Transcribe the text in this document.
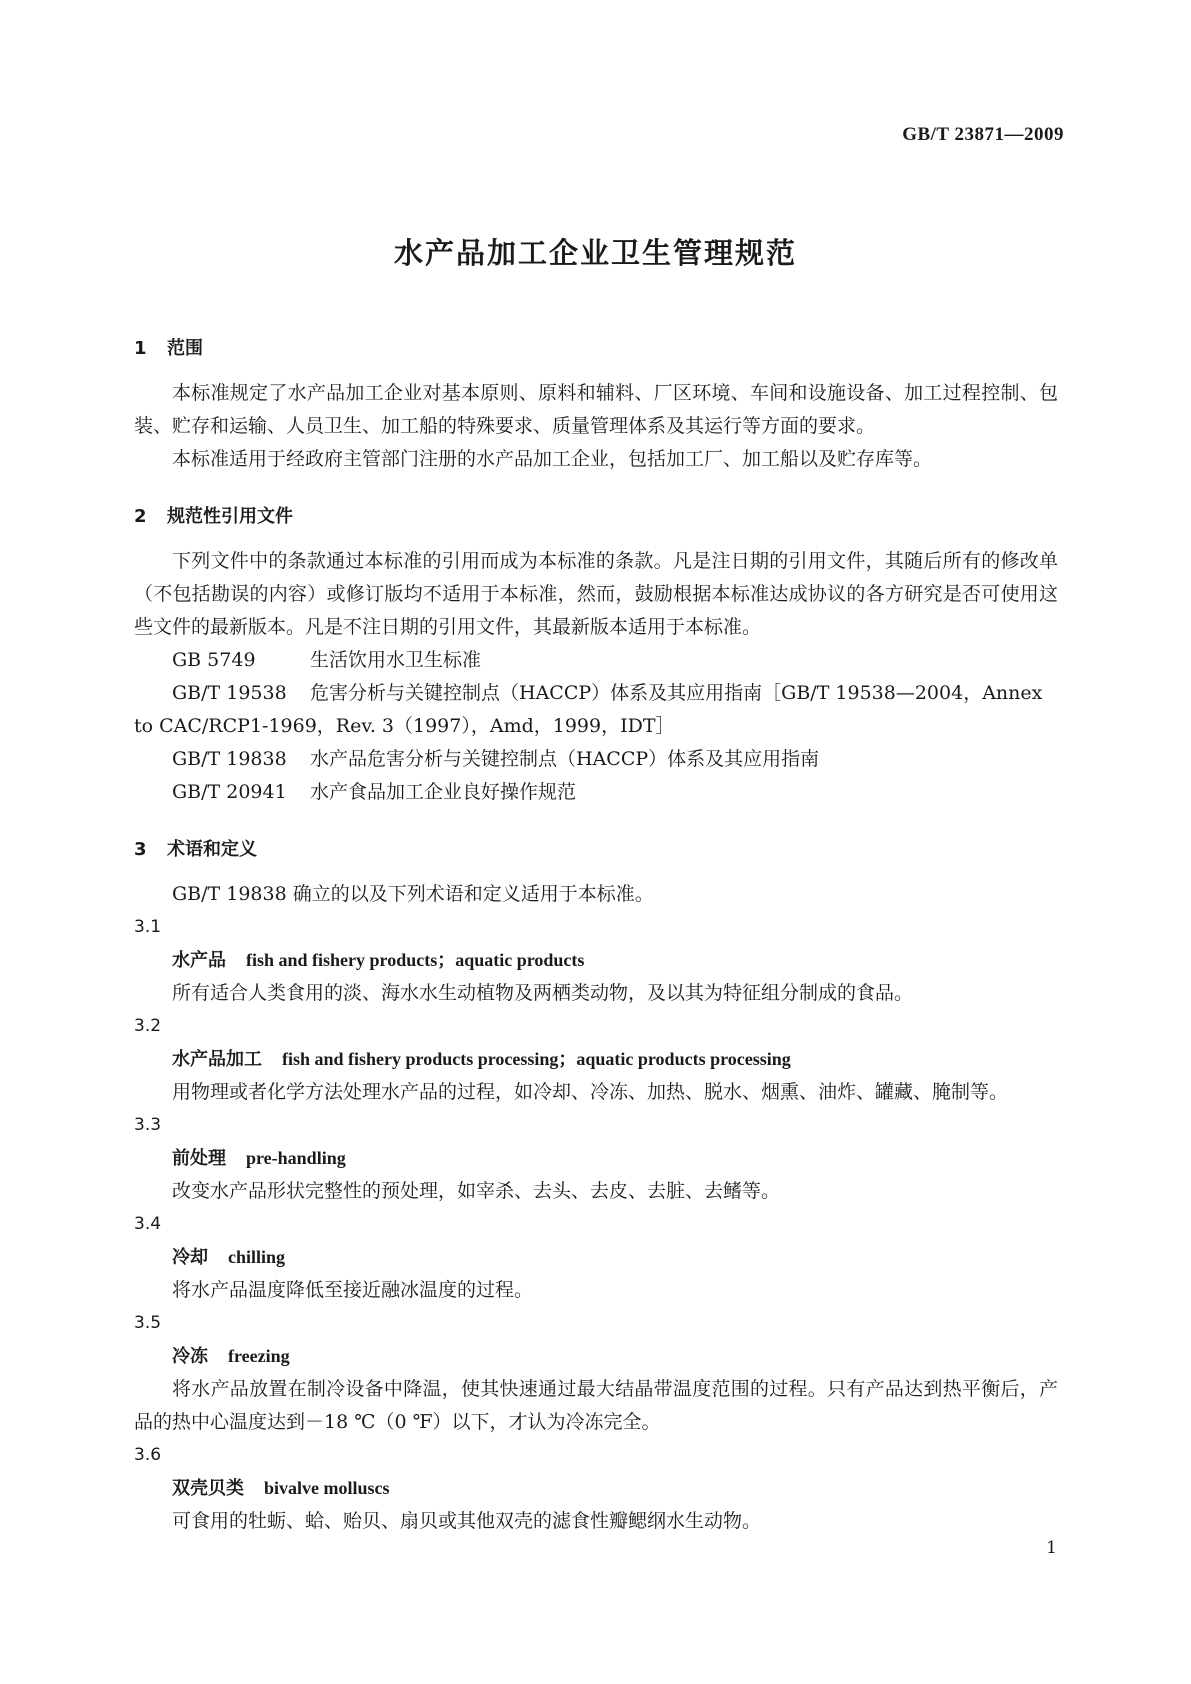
GB/T 23871—2009
水产品加工企业卫生管理规范
1 范围

本标准规定了水产品加工企业对基本原则、原料和辅料、厂区环境、车间和设施设备、加工过程控制、包装、贮存和运输、人员卫生、加工船的特殊要求、质量管理体系及其运行等方面的要求。

本标准适用于经政府主管部门注册的水产品加工企业，包括加工厂、加工船以及贮存库等。

2 规范性引用文件

下列文件中的条款通过本标准的引用而成为本标准的条款。凡是注日期的引用文件，其随后所有的修改单（不包括勘误的内容）或修订版均不适用于本标准，然而，鼓励根据本标准达成协议的各方研究是否可使用这些文件的最新版本。凡是不注日期的引用文件，其最新版本适用于本标准。

GB 5749	生活饮用水卫生标准

GB/T 19538 危害分析与关键控制点（HACCP）体系及其应用指南［GB/T 19538—2004，Annex

to CAC/RCP1-1969，Rev. 3（1997），Amd，1999，IDT］

GB/T 19838 水产品危害分析与关键控制点（HACCP）体系及其应用指南

GB/T 20941 水产食品加工企业良好操作规范

3 术语和定义

GB/T 19838 确立的以及下列术语和定义适用于本标准。

3.1

水产品 fish and fishery products；aquatic products

所有适合人类食用的淡、海水水生动植物及两栖类动物，及以其为特征组分制成的食品。

3.2

水产品加工 fish and fishery products processing；aquatic products processing

用物理或者化学方法处理水产品的过程，如冷却、冷冻、加热、脱水、烟熏、油炸、罐藏、腌制等。

3.3

前处理 pre-handling

改变水产品形状完整性的预处理，如宰杀、去头、去皮、去脏、去鳍等。

3.4

冷却 chilling

将水产品温度降低至接近融冰温度的过程。

3.5

冷冻 freezing

将水产品放置在制冷设备中降温，使其快速通过最大结晶带温度范围的过程。只有产品达到热平衡后，产品的热中心温度达到－18 ℃（0 ℉）以下，才认为冷冻完全。

3.6

双壳贝类 bivalve molluscs

可食用的牡蛎、蛤、贻贝、扇贝或其他双壳的滤食性瓣鳃纲水生动物。

1
